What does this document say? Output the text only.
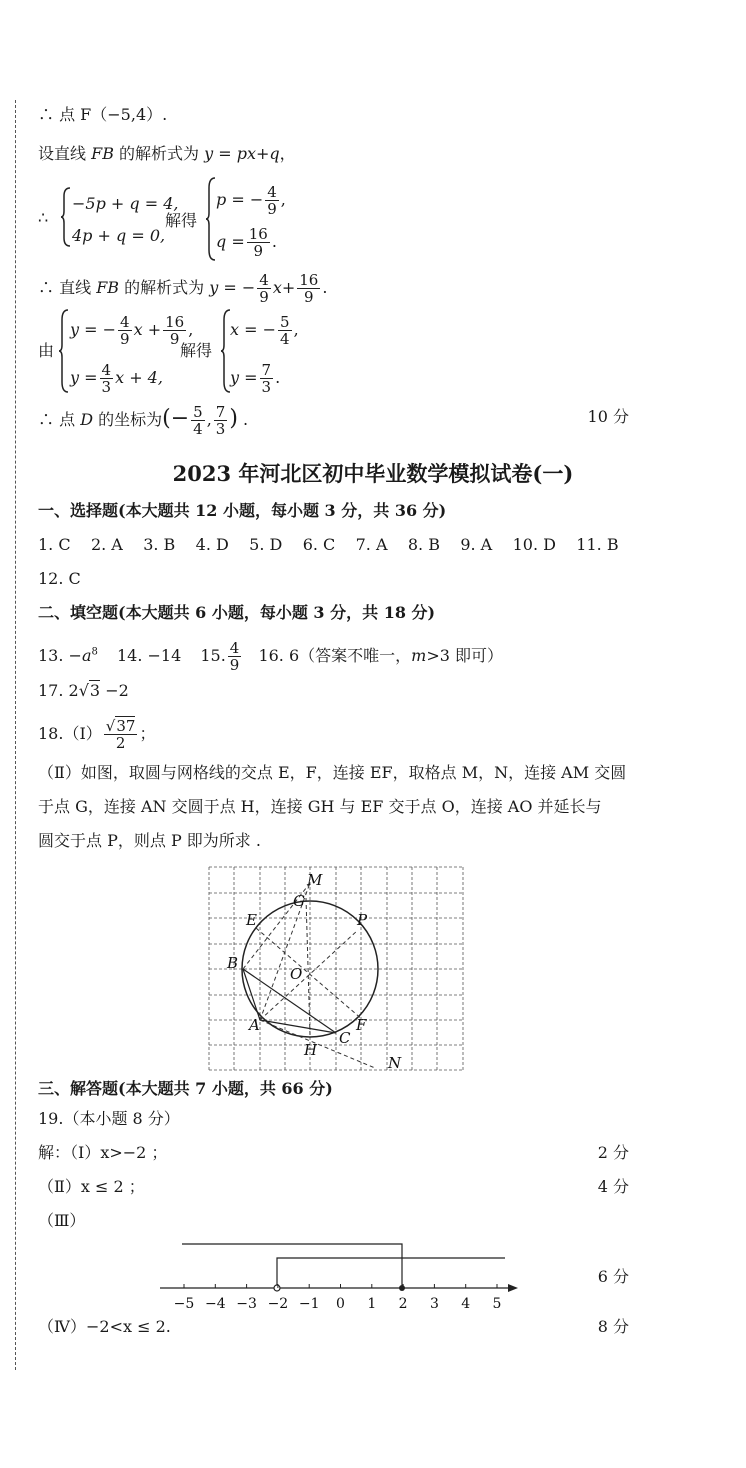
∴ 点 F（−5,4）.
设直线 FB 的解析式为 y = px+q，
∴
−5p + q = 4,
4p + q = 0,
解得
p = − $\frac{4}{9}$ ,
$q = \frac{16}{9}$ .
∴ 直线 FB 的解析式为 y = − $\frac{4}{9} x+ \frac{16}{9}$ .
由
y = − $\frac{4}{9}$ $x + \frac{16}{9}$ ,
$y = \frac{4}{3}$ x + 4,
解得
x = − $\frac{5}{4}$ ,
$y = \frac{7}{3}$ .
∴ 点 D 的坐标为(− $\frac{5}{4}$ , $\frac{7}{3}$ ) .	10 分
2023 年河北区初中毕业数学模拟试卷(一)
一、选择题(本大题共 12 小题，每小题 3 分，共 36 分)
1. C    2. A    3. B    4. D    5. D    6. C    7. A    8. B    9. A    10. D    11. B
12. C
二、填空题(本大题共 6 小题，每小题 3 分，共 18 分)
13. $-a^8$ 14. −14 15. $\frac{4}{9} 16$. 6（答案不唯一，m>3 即可）
17. 2√3 −2
18.（Ⅰ） $\frac{√37}{2}$ ；
（Ⅱ）如图，取圆与网格线的交点 E，F，连接 EF，取格点 M，N，连接 AM 交圆
于点 G，连接 AN 交圆于点 H，连接 GH 与 EF 交于点 O，连接 AO 并延长与
圆交于点 P，则点 P 即为所求 .
M
G
E	P
B
O
A	F
C
H
N
三、解答题(本大题共 7 小题，共 66 分)
19.（本小题 8 分）
解：（Ⅰ）x>−2 ；	2 分
（Ⅱ）x ≤ 2 ；	4 分
（Ⅲ）
6 分
−5 −4 −3 −2 −1 0 1 2 3 4 5
（Ⅳ）−2<x ≤ 2.	8 分
